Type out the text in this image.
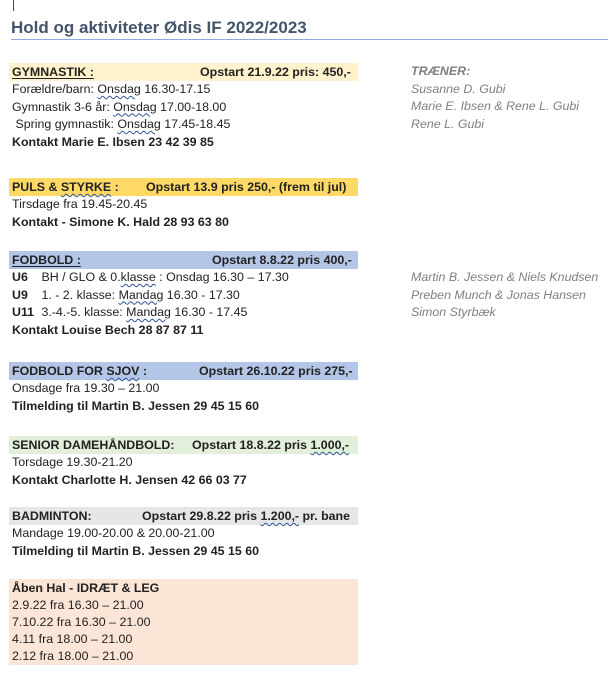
Hold og aktiviteter Ødis IF 2022/2023
GYMNASTIK :	Opstart 21.9.22 pris: 450,-
Forældre/barn: Onsdag 16.30-17.15
Gymnastik 3-6 år: Onsdag 17.00-18.00
Spring gymnastik: Onsdag 17.45-18.45
Kontakt Marie E. Ibsen 23 42 39 85
TRÆNER:
Susanne D. Gubi
Marie E. Ibsen & Rene L. Gubi
Rene L. Gubi
PULS & STYRKE : Opstart 13.9 pris 250,- (frem til jul)
Tirsdage fra 19.45-20.45
Kontakt - Simone K. Hald 28 93 63 80
FODBOLD :	Opstart 8.8.22 pris 400,-
U6 BH / GLO & 0.klasse : Onsdag 16.30 – 17.30
U9 1. - 2. klasse: Mandag 16.30 - 17.30
U11 3.-4.-5. klasse: Mandag 16.30 - 17.45
Kontakt Louise Bech 28 87 87 11
Martin B. Jessen & Niels Knudsen
Preben Munch & Jonas Hansen
Simon Styrbæk
FODBOLD FOR SJOV :	Opstart 26.10.22 pris 275,-
Onsdage fra 19.30 – 21.00
Tilmelding til Martin B. Jessen 29 45 15 60
SENIOR DAMEHÅNDBOLD: Opstart 18.8.22 pris 1.000,-
Torsdage 19.30-21.20
Kontakt Charlotte H. Jensen 42 66 03 77
BADMINTON:	Opstart 29.8.22 pris 1.200,- pr. bane
Mandage 19.00-20.00 & 20.00-21.00
Tilmelding til Martin B. Jessen 29 45 15 60
Åben Hal - IDRÆT & LEG
2.9.22 fra 16.30 – 21.00
7.10.22 fra 16.30 – 21.00
4.11 fra 18.00 – 21.00
2.12 fra 18.00 – 21.00
